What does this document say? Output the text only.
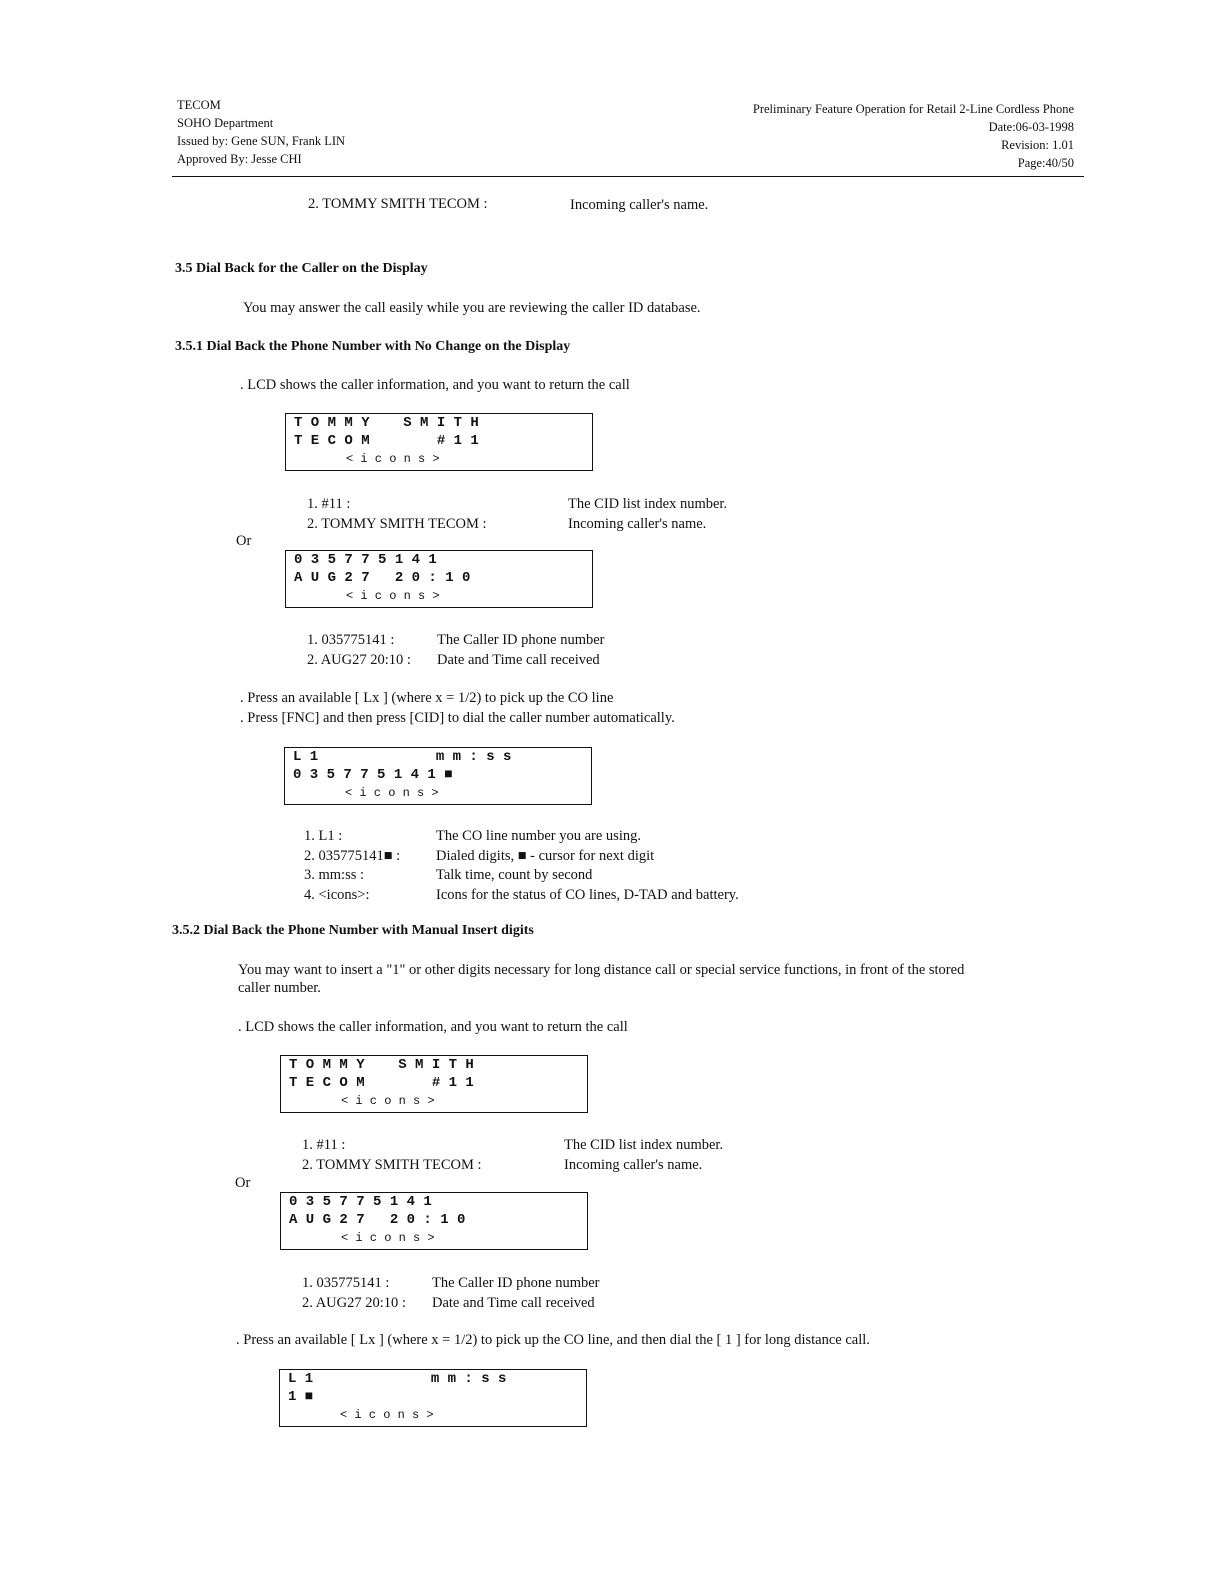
TECOM
SOHO Department
Issued by: Gene SUN, Frank LIN
Approved By: Jesse CHI
Preliminary Feature Operation for Retail 2-Line Cordless Phone
Date:06-03-1998
Revision: 1.01
Page:40/50
2. TOMMY SMITH TECOM :	Incoming caller's name.
3.5 Dial Back for the Caller on the Display
You may answer the call easily while you are reviewing the caller ID database.
3.5.1 Dial Back the Phone Number with No Change on the Display
. LCD shows the caller information, and you want to return the call
T O M M Y    S M I T H
T E C O M        # 1 1
< i c o n s >
1. #11 :	The CID list index number.
2. TOMMY SMITH TECOM :	Incoming caller's name.
Or
0 3 5 7 7 5 1 4 1
A U G 2 7   2 0 : 1 0
< i c o n s >
1. 035775141 :	The Caller ID phone number
2. AUG27 20:10 : Date and Time call received
. Press an available [ Lx ] (where x = 1/2) to pick up the CO line
. Press [FNC] and then press [CID] to dial the caller number automatically.
L 1              m m : s s
0 3 5 7 7 5 1 4 1 ■
< i c o n s >
1. L1 :	The CO line number you are using.
2. 035775141■ : Dialed digits, ■ - cursor for next digit
3. mm:ss :	Talk time, count by second
4. <icons>:	Icons for the status of CO lines, D-TAD and battery.
3.5.2 Dial Back the Phone Number with Manual Insert digits
You may want to insert a "1" or other digits necessary for long distance call or special service functions, in front of the stored
caller number.
. LCD shows the caller information, and you want to return the call
T O M M Y    S M I T H
T E C O M        # 1 1
< i c o n s >
1. #11 :	The CID list index number.
2. TOMMY SMITH TECOM :	Incoming caller's name.
Or
0 3 5 7 7 5 1 4 1
A U G 2 7   2 0 : 1 0
< i c o n s >
1. 035775141 :	The Caller ID phone number
2. AUG27 20:10 : Date and Time call received
. Press an available [ Lx ] (where x = 1/2) to pick up the CO line, and then dial the [ 1 ] for long distance call.
L 1              m m : s s
1 ■
< i c o n s >
